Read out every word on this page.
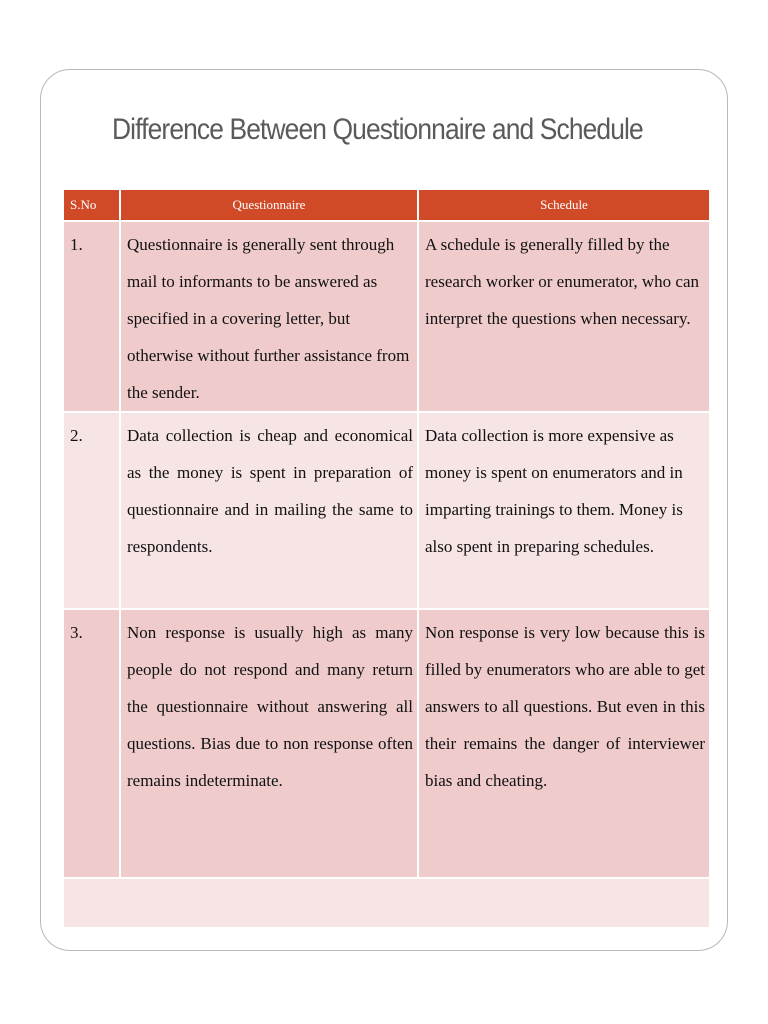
Difference Between Questionnaire and Schedule
S.No	Questionnaire	Schedule
1.	Questionnaire is generally sent through mail to informants to be answered as specified in a covering letter, but otherwise without further assistance from the sender.	A schedule is generally filled by the research worker or enumerator, who can interpret the questions when necessary.
2.	Data collection is cheap and economical as the money is spent in preparation of questionnaire and in mailing the same to respondents.	Data collection is more expensive as money is spent on enumerators and in imparting trainings to them. Money is also spent in preparing schedules.
3.	Non response is usually high as many people do not respond and many return the questionnaire without answering all questions. Bias due to non response often remains indeterminate.	Non response is very low because this is filled by enumerators who are able to get answers to all questions. But even in this their remains the danger of interviewer bias and cheating.
